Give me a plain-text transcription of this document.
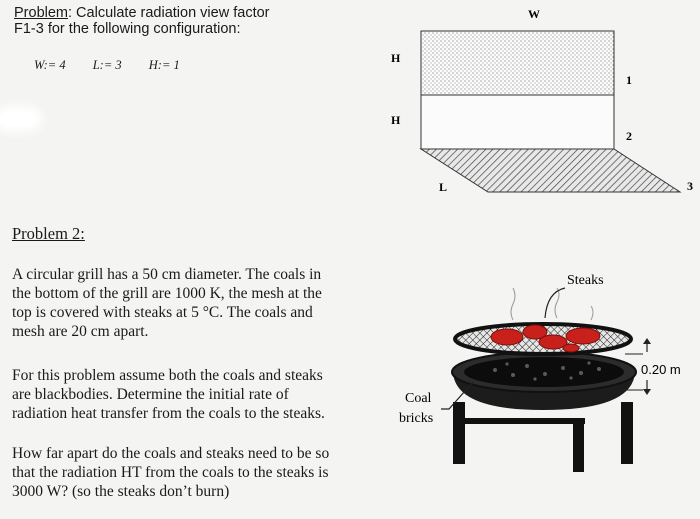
Problem: Calculate radiation view factor
F1-3 for the following configuration:
W:= 4 L:= 3 H:= 1
W
H
H
L
1
2
3
Problem 2:
A circular grill has a 50 cm diameter. The coals in
the bottom of the grill are 1000 K, the mesh at the
top is covered with steaks at 5 °C. The coals and
mesh are 20 cm apart.
For this problem assume both the coals and steaks
are blackbodies. Determine the initial rate of
radiation heat transfer from the coals to the steaks.
How far apart do the coals and steaks need to be so
that the radiation HT from the coals to the steaks is
3000 W? (so the steaks don’t burn)
Steaks
Coal
bricks
0.20 m
